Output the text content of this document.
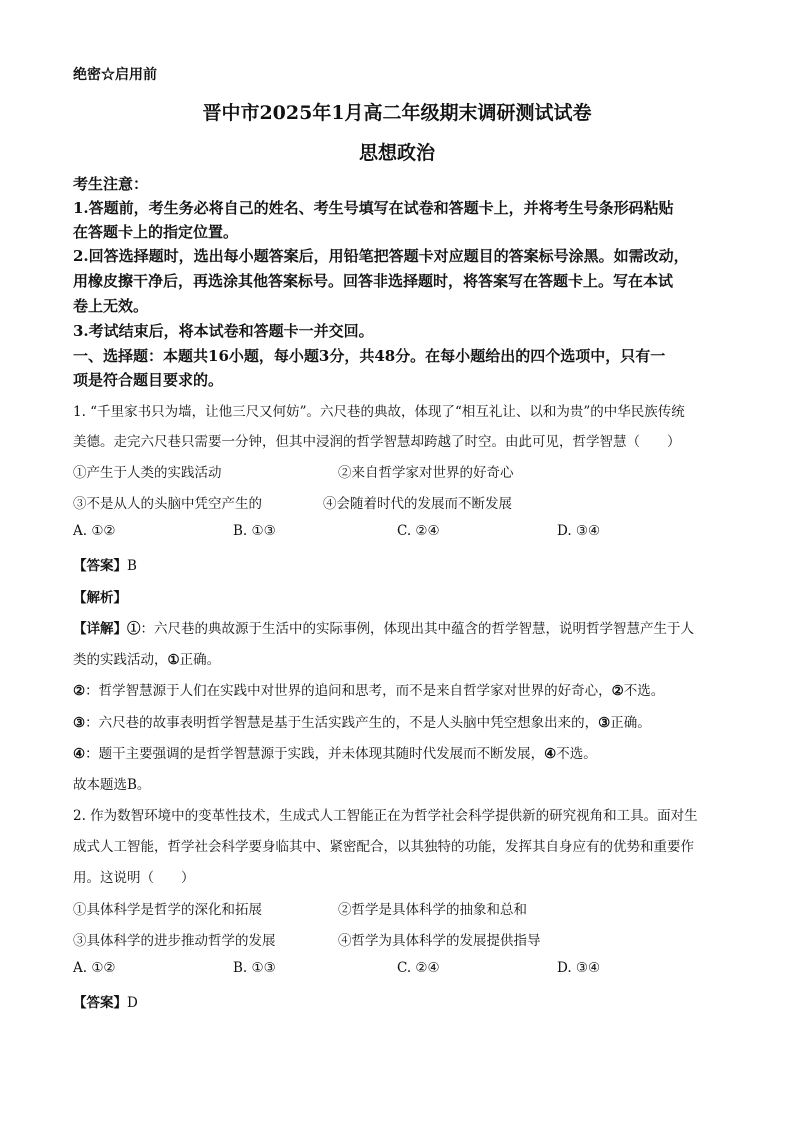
绝密☆启用前
晋中市2025年1月高二年级期末调研测试试卷
思想政治
考生注意：
1.答题前，考生务必将自己的姓名、考生号填写在试卷和答题卡上，并将考生号条形码粘贴
在答题卡上的指定位置。
2.回答选择题时，选出每小题答案后，用铅笔把答题卡对应题目的答案标号涂黑。如需改动，
用橡皮擦干净后，再选涂其他答案标号。回答非选择题时，将答案写在答题卡上。写在本试
卷上无效。
3.考试结束后，将本试卷和答题卡一并交回。
一、选择题：本题共16小题，每小题3分，共48分。在每小题给出的四个选项中，只有一
项是符合题目要求的。
1. “千里家书只为墙，让他三尺又何妨”。六尺巷的典故，体现了“相互礼让、以和为贵”的中华民族传统
美德。走完六尺巷只需要一分钟，但其中浸润的哲学智慧却跨越了时空。由此可见，哲学智慧（　　）
①产生于人类的实践活动	②来自哲学家对世界的好奇心
③不是从人的头脑中凭空产生的	④会随着时代的发展而不断发展
A. ①②	B. ①③	C. ②④	D. ③④
【答案】B
【解析】
【详解】①：六尺巷的典故源于生活中的实际事例，体现出其中蕴含的哲学智慧，说明哲学智慧产生于人
类的实践活动，①正确。
②：哲学智慧源于人们在实践中对世界的追问和思考，而不是来自哲学家对世界的好奇心，②不选。
③：六尺巷的故事表明哲学智慧是基于生活实践产生的，不是人头脑中凭空想象出来的，③正确。
④：题干主要强调的是哲学智慧源于实践，并未体现其随时代发展而不断发展，④不选。
故本题选B。
2. 作为数智环境中的变革性技术，生成式人工智能正在为哲学社会科学提供新的研究视角和工具。面对生
成式人工智能，哲学社会科学要身临其中、紧密配合，以其独特的功能，发挥其自身应有的优势和重要作
用。这说明（　　）
①具体科学是哲学的深化和拓展	②哲学是具体科学的抽象和总和
③具体科学的进步推动哲学的发展	④哲学为具体科学的发展提供指导
A. ①②	B. ①③	C. ②④	D. ③④
【答案】D
